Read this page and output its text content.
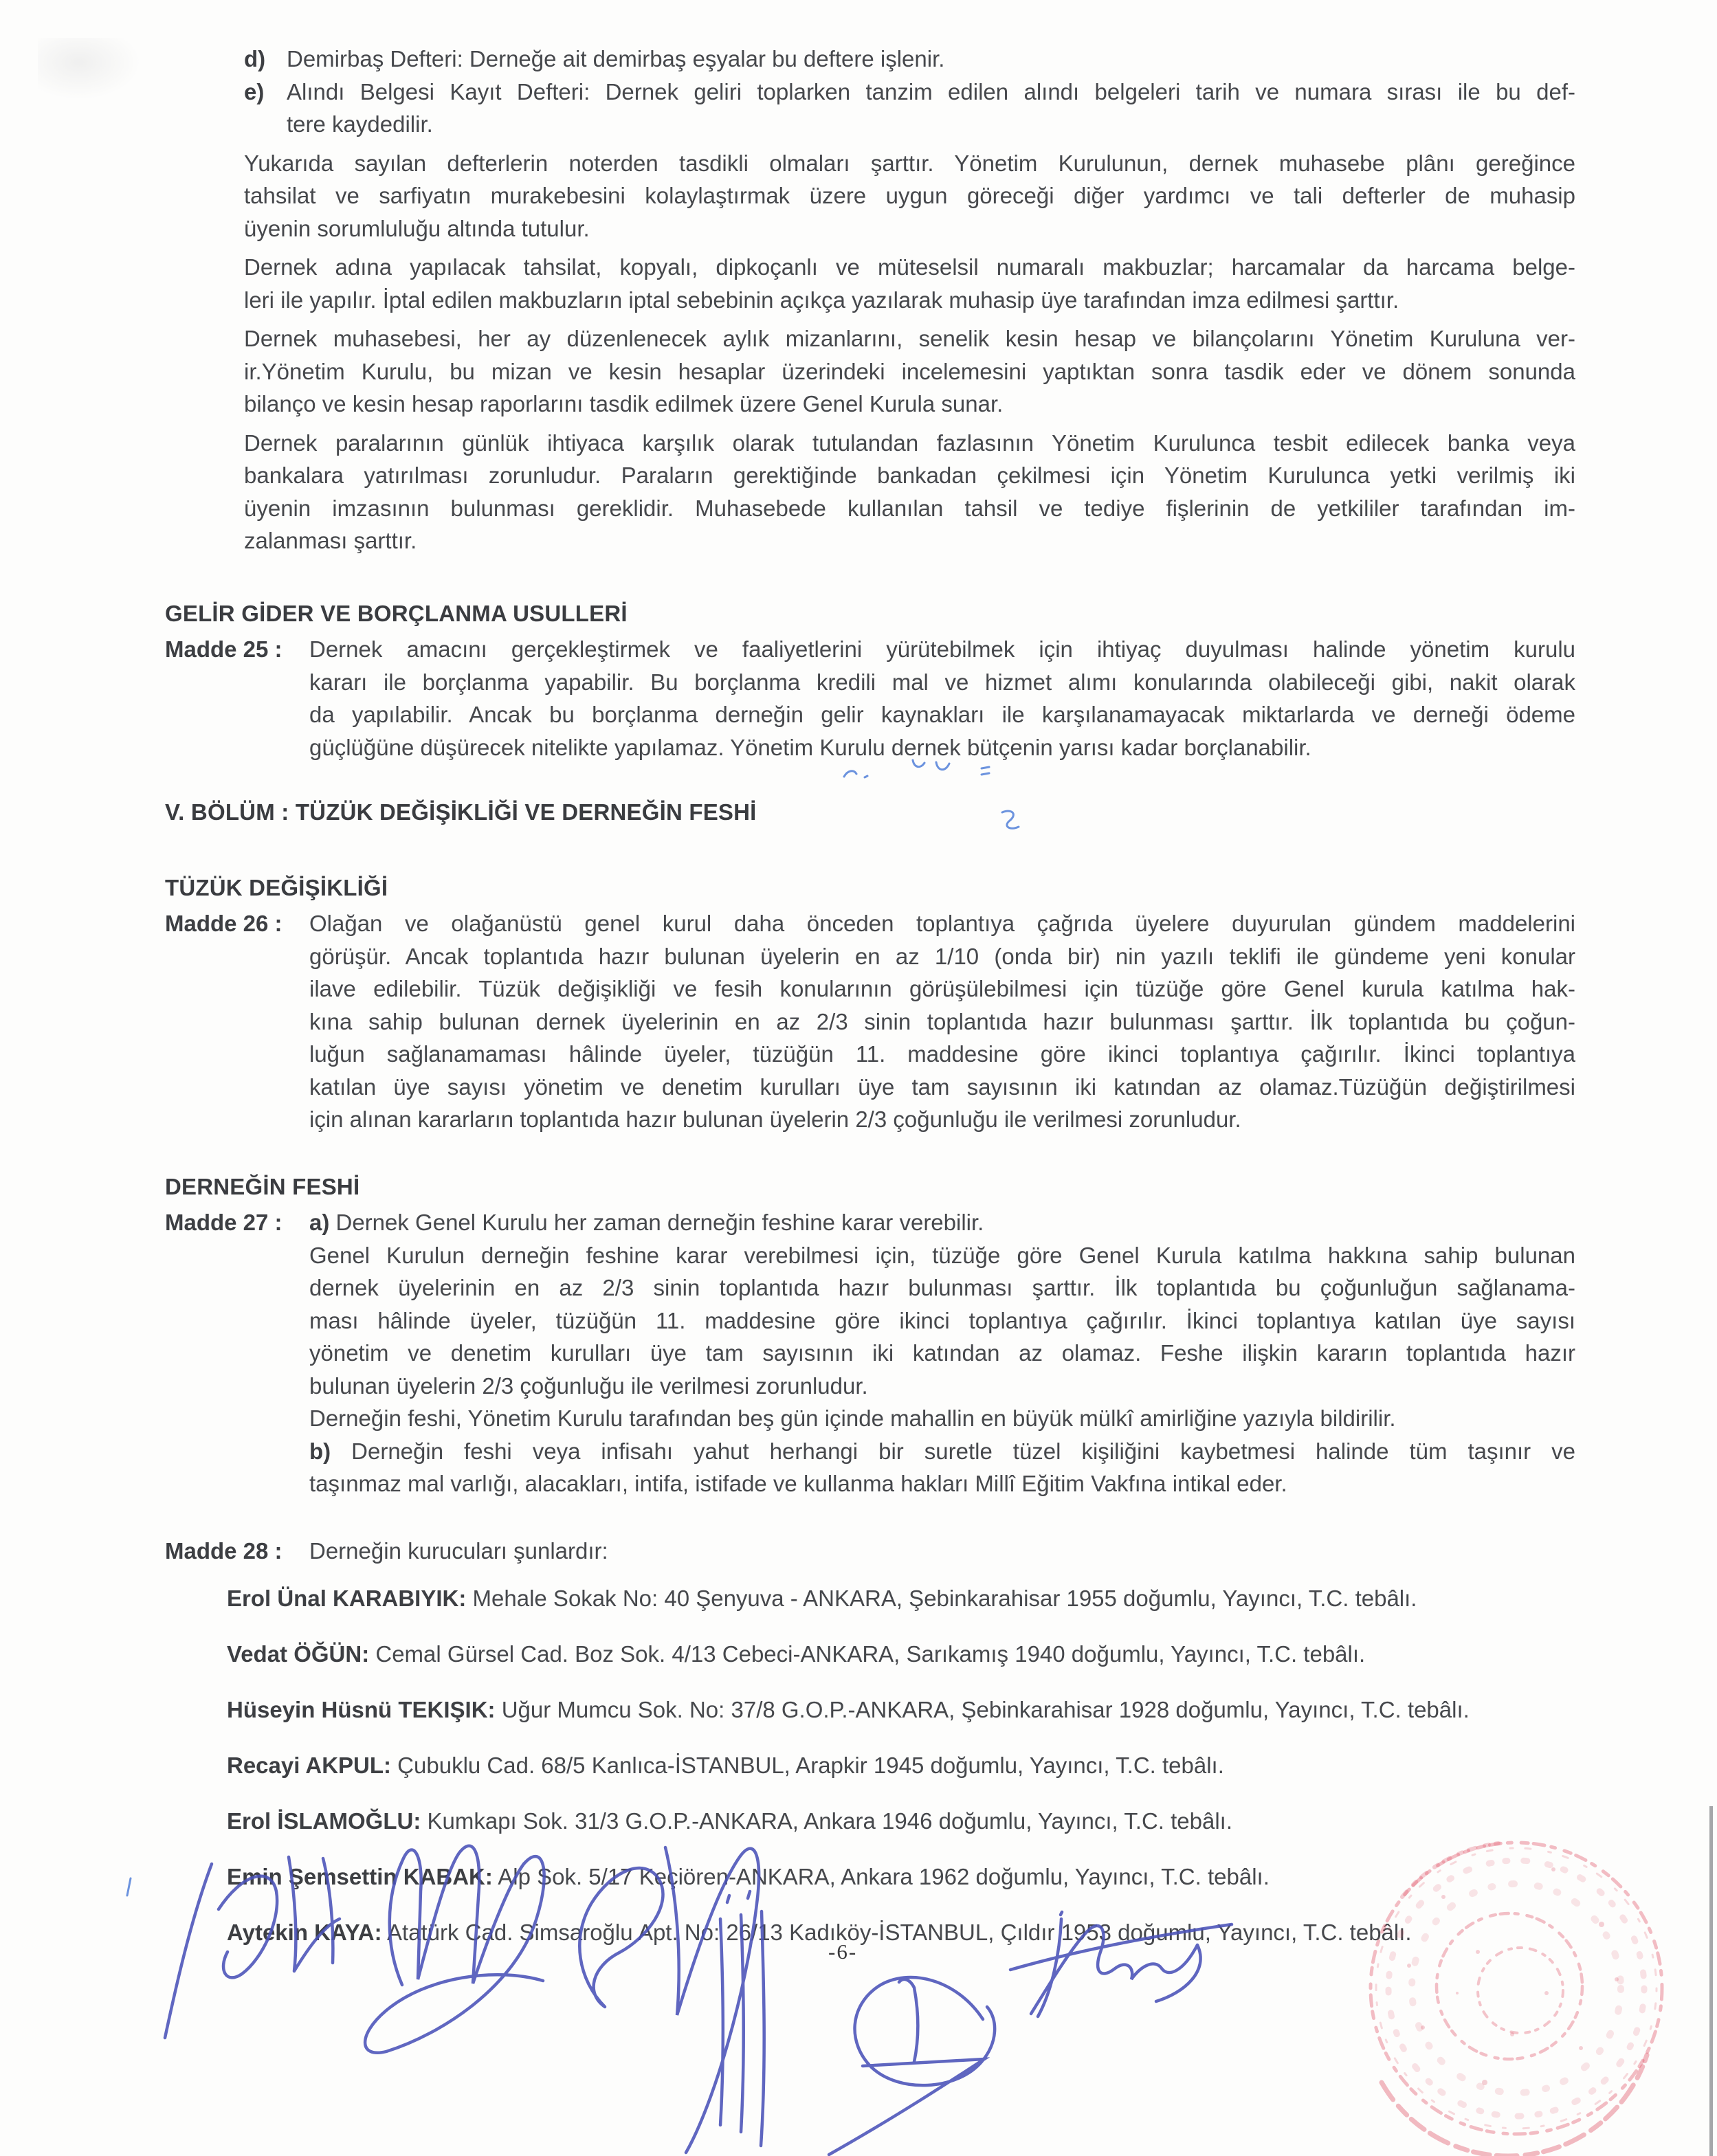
d) Demirbaş Defteri: Derneğe ait demirbaş eşyalar bu deftere işlenir.
e) Alındı Belgesi Kayıt Defteri: Dernek geliri toplarken tanzim edilen alındı belgeleri tarih ve numara sırası ile bu def-
tere kaydedilir.
Yukarıda sayılan defterlerin noterden tasdikli olmaları şarttır. Yönetim Kurulunun, dernek muhasebe plânı gereğince
tahsilat ve sarfiyatın murakebesini kolaylaştırmak üzere uygun göreceği diğer yardımcı ve tali defterler de muhasip
üyenin sorumluluğu altında tutulur.
Dernek adına yapılacak tahsilat, kopyalı, dipkoçanlı ve müteselsil numaralı makbuzlar; harcamalar da harcama belge-
leri ile yapılır. İptal edilen makbuzların iptal sebebinin açıkça yazılarak muhasip üye tarafından imza edilmesi şarttır.
Dernek muhasebesi, her ay düzenlenecek aylık mizanlarını, senelik kesin hesap ve bilançolarını Yönetim Kuruluna ver-
ir.Yönetim Kurulu, bu mizan ve kesin hesaplar üzerindeki incelemesini yaptıktan sonra tasdik eder ve dönem sonunda
bilanço ve kesin hesap raporlarını tasdik edilmek üzere Genel Kurula sunar.
Dernek paralarının günlük ihtiyaca karşılık olarak tutulandan fazlasının Yönetim Kurulunca tesbit edilecek banka veya
bankalara yatırılması zorunludur. Paraların gerektiğinde bankadan çekilmesi için Yönetim Kurulunca yetki verilmiş iki
üyenin imzasının bulunması gereklidir. Muhasebede kullanılan tahsil ve tediye fişlerinin de yetkililer tarafından im-
zalanması şarttır.
GELİR GİDER VE BORÇLANMA USULLERİ
Madde 25 : Dernek amacını gerçekleştirmek ve faaliyetlerini yürütebilmek için ihtiyaç duyulması halinde yönetim kurulu
kararı ile borçlanma yapabilir. Bu borçlanma kredili mal ve hizmet alımı konularında olabileceği gibi, nakit olarak
da yapılabilir. Ancak bu borçlanma derneğin gelir kaynakları ile karşılanamayacak miktarlarda ve derneği ödeme
güçlüğüne düşürecek nitelikte yapılamaz. Yönetim Kurulu dernek bütçenin yarısı kadar borçlanabilir.
V. BÖLÜM : TÜZÜK DEĞİŞİKLİĞİ VE DERNEĞİN FESHİ
TÜZÜK DEĞİŞİKLİĞİ
Madde 26 : Olağan ve olağanüstü genel kurul daha önceden toplantıya çağrıda üyelere duyurulan gündem maddelerini
görüşür. Ancak toplantıda hazır bulunan üyelerin en az 1/10 (onda bir) nin yazılı teklifi ile gündeme yeni konular
ilave edilebilir. Tüzük değişikliği ve fesih konularının görüşülebilmesi için tüzüğe göre Genel kurula katılma hak-
kına sahip bulunan dernek üyelerinin en az 2/3 sinin toplantıda hazır bulunması şarttır. İlk toplantıda bu çoğun-
luğun sağlanamaması hâlinde üyeler, tüzüğün 11. maddesine göre ikinci toplantıya çağırılır. İkinci toplantıya
katılan üye sayısı yönetim ve denetim kurulları üye tam sayısının iki katından az olamaz.Tüzüğün değiştirilmesi
için alınan kararların toplantıda hazır bulunan üyelerin 2/3 çoğunluğu ile verilmesi zorunludur.
DERNEĞİN FESHİ
Madde 27 : a) Dernek Genel Kurulu her zaman derneğin feshine karar verebilir.
Genel Kurulun derneğin feshine karar verebilmesi için, tüzüğe göre Genel Kurula katılma hakkına sahip bulunan
dernek üyelerinin en az 2/3 sinin toplantıda hazır bulunması şarttır. İlk toplantıda bu çoğunluğun sağlanama-
ması hâlinde üyeler, tüzüğün 11. maddesine göre ikinci toplantıya çağırılır. İkinci toplantıya katılan üye sayısı
yönetim ve denetim kurulları üye tam sayısının iki katından az olamaz. Feshe ilişkin kararın toplantıda hazır
bulunan üyelerin 2/3 çoğunluğu ile verilmesi zorunludur.
Derneğin feshi, Yönetim Kurulu tarafından beş gün içinde mahallin en büyük mülkî amirliğine yazıyla bildirilir.
b) Derneğin feshi veya infisahı yahut herhangi bir suretle tüzel kişiliğini kaybetmesi halinde tüm taşınır ve
taşınmaz mal varlığı, alacakları, intifa, istifade ve kullanma hakları Millî Eğitim Vakfına intikal eder.
Madde 28 : Derneğin kurucuları şunlardır:
Erol Ünal KARABIYIK: Mehale Sokak No: 40 Şenyuva - ANKARA, Şebinkarahisar 1955 doğumlu, Yayıncı, T.C. tebâlı.
Vedat ÖĞÜN: Cemal Gürsel Cad. Boz Sok. 4/13 Cebeci-ANKARA, Sarıkamış 1940 doğumlu, Yayıncı, T.C. tebâlı.
Hüseyin Hüsnü TEKIŞIK: Uğur Mumcu Sok. No: 37/8 G.O.P.-ANKARA, Şebinkarahisar 1928 doğumlu, Yayıncı, T.C. tebâlı.
Recayi AKPUL: Çubuklu Cad. 68/5 Kanlıca-İSTANBUL, Arapkir 1945 doğumlu, Yayıncı, T.C. tebâlı.
Erol İSLAMOĞLU: Kumkapı Sok. 31/3 G.O.P.-ANKARA, Ankara 1946 doğumlu, Yayıncı, T.C. tebâlı.
Emin Şemsettin KABAK: Alp Sok. 5/17 Keçiören-ANKARA, Ankara 1962 doğumlu, Yayıncı, T.C. tebâlı.
Aytekin KAYA: Atatürk Cad. Simsaroğlu Apt. No: 26/13 Kadıköy-İSTANBUL, Çıldır 1953 doğumlu, Yayıncı, T.C. tebâlı.
-6-
